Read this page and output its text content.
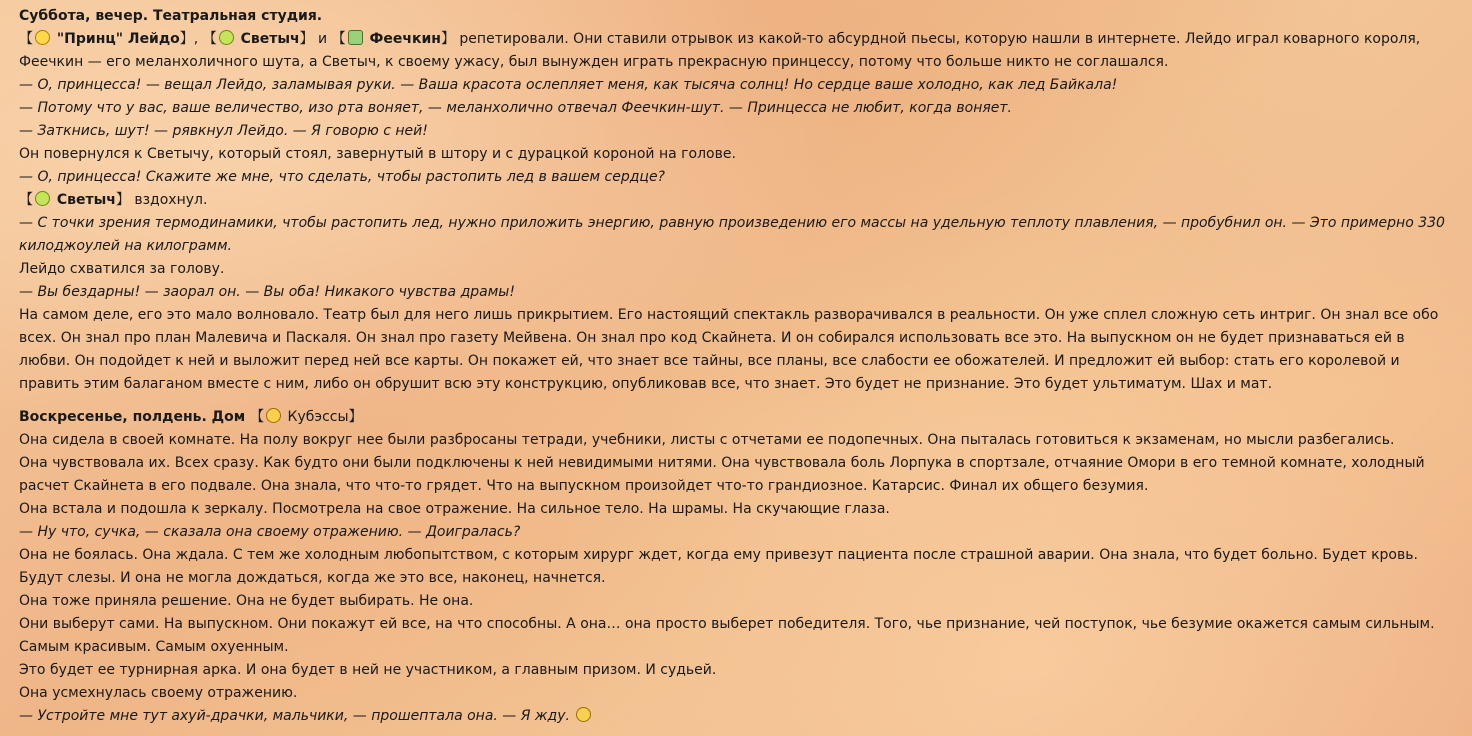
Суббота, вечер. Театральная студия.

【 "Принц" Лейдо】, 【 Светыч】 и 【 Феечкин】 репетировали. Они ставили отрывок из какой-то абсурдной пьесы, которую нашли в интернете. Лейдо играл коварного короля, Феечкин — его меланхоличного шута, а Светыч, к своему ужасу, был вынужден играть прекрасную принцессу, потому что больше никто не соглашался.

— О, принцесса! — вещал Лейдо, заламывая руки. — Ваша красота ослепляет меня, как тысяча солнц! Но сердце ваше холодно, как лед Байкала!

— Потому что у вас, ваше величество, изо рта воняет, — меланхолично отвечал Феечкин-шут. — Принцесса не любит, когда воняет.

— Заткнись, шут! — рявкнул Лейдо. — Я говорю с ней!

Он повернулся к Светычу, который стоял, завернутый в штору и с дурацкой короной на голове.

— О, принцесса! Скажите же мне, что сделать, чтобы растопить лед в вашем сердце?

【 Светыч】 вздохнул.

— С точки зрения термодинамики, чтобы растопить лед, нужно приложить энергию, равную произведению его массы на удельную теплоту плавления, — пробубнил он. — Это примерно 330 килоджоулей на килограмм.

Лейдо схватился за голову.

— Вы бездарны! — заорал он. — Вы оба! Никакого чувства драмы!

На самом деле, его это мало волновало. Театр был для него лишь прикрытием. Его настоящий спектакль разворачивался в реальности. Он уже сплел сложную сеть интриг. Он знал все обо всех. Он знал про план Малевича и Паскаля. Он знал про газету Мейвена. Он знал про код Скайнета. И он собирался использовать все это. На выпускном он не будет признаваться ей в любви. Он подойдет к ней и выложит перед ней все карты. Он покажет ей, что знает все тайны, все планы, все слабости ее обожателей. И предложит ей выбор: стать его королевой и править этим балаганом вместе с ним, либо он обрушит всю эту конструкцию, опубликовав все, что знает. Это будет не признание. Это будет ультиматум. Шах и мат.

Воскресенье, полдень. Дом 【 Кубэссы】

Она сидела в своей комнате. На полу вокруг нее были разбросаны тетради, учебники, листы с отчетами ее подопечных. Она пыталась готовиться к экзаменам, но мысли разбегались.

Она чувствовала их. Всех сразу. Как будто они были подключены к ней невидимыми нитями. Она чувствовала боль Лорпука в спортзале, отчаяние Омори в его темной комнате, холодный расчет Скайнета в его подвале. Она знала, что что-то грядет. Что на выпускном произойдет что-то грандиозное. Катарсис. Финал их общего безумия.

Она встала и подошла к зеркалу. Посмотрела на свое отражение. На сильное тело. На шрамы. На скучающие глаза.

— Ну что, сучка, — сказала она своему отражению. — Доигралась?

Она не боялась. Она ждала. С тем же холодным любопытством, с которым хирург ждет, когда ему привезут пациента после страшной аварии. Она знала, что будет больно. Будет кровь. Будут слезы. И она не могла дождаться, когда же это все, наконец, начнется.

Она тоже приняла решение. Она не будет выбирать. Не она.

Они выберут сами. На выпускном. Они покажут ей все, на что способны. А она… она просто выберет победителя. Того, чье признание, чей поступок, чье безумие окажется самым сильным. Самым красивым. Самым охуенным.

Это будет ее турнирная арка. И она будет в ней не участником, а главным призом. И судьей.

Она усмехнулась своему отражению.

— Устройте мне тут ахуй-драчки, мальчики, — прошептала она. — Я жду.
